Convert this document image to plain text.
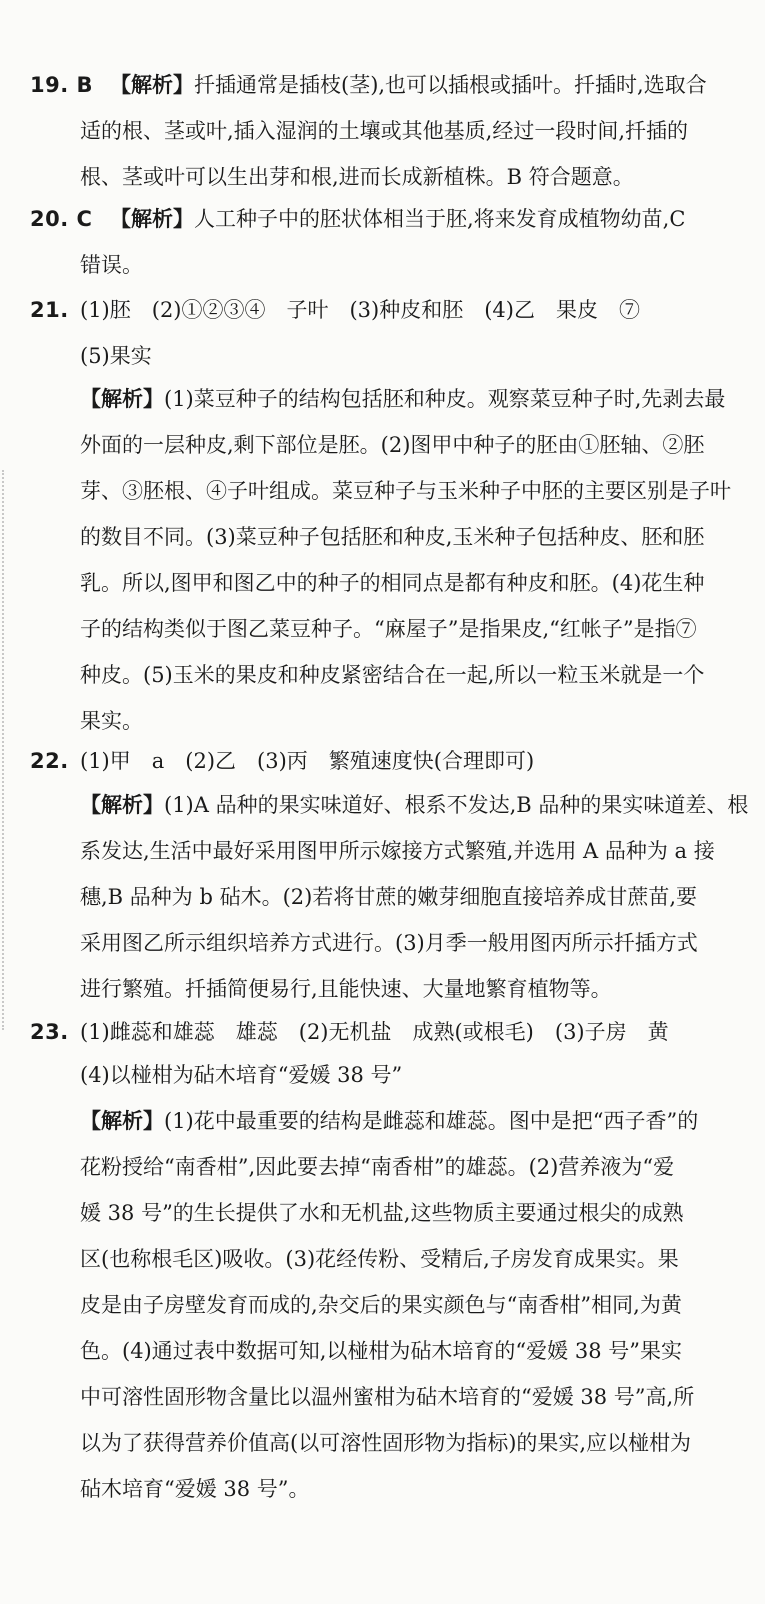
19. B 【解析】扦插通常是插枝(茎),也可以插根或插叶。扦插时,选取合
适的根、茎或叶,插入湿润的土壤或其他基质,经过一段时间,扦插的
根、茎或叶可以生出芽和根,进而长成新植株。B 符合题意。
20. C 【解析】人工种子中的胚状体相当于胚,将来发育成植物幼苗,C
错误。
21. (1)胚　(2)①②③④　子叶　(3)种皮和胚　(4)乙　果皮　⑦
(5)果实
【解析】(1)菜豆种子的结构包括胚和种皮。观察菜豆种子时,先剥去最
外面的一层种皮,剩下部位是胚。(2)图甲中种子的胚由①胚轴、②胚
芽、③胚根、④子叶组成。菜豆种子与玉米种子中胚的主要区别是子叶
的数目不同。(3)菜豆种子包括胚和种皮,玉米种子包括种皮、胚和胚
乳。所以,图甲和图乙中的种子的相同点是都有种皮和胚。(4)花生种
子的结构类似于图乙菜豆种子。“麻屋子”是指果皮,“红帐子”是指⑦
种皮。(5)玉米的果皮和种皮紧密结合在一起,所以一粒玉米就是一个
果实。
22. (1)甲　a　(2)乙　(3)丙　繁殖速度快(合理即可)
【解析】(1)A 品种的果实味道好、根系不发达,B 品种的果实味道差、根
系发达,生活中最好采用图甲所示嫁接方式繁殖,并选用 A 品种为 a 接
穗,B 品种为 b 砧木。(2)若将甘蔗的嫩芽细胞直接培养成甘蔗苗,要
采用图乙所示组织培养方式进行。(3)月季一般用图丙所示扦插方式
进行繁殖。扦插简便易行,且能快速、大量地繁育植物等。
23. (1)雌蕊和雄蕊　雄蕊　(2)无机盐　成熟(或根毛)　(3)子房　黄
(4)以椪柑为砧木培育“爱媛 38 号”
【解析】(1)花中最重要的结构是雌蕊和雄蕊。图中是把“西子香”的
花粉授给“南香柑”,因此要去掉“南香柑”的雄蕊。(2)营养液为“爱
媛 38 号”的生长提供了水和无机盐,这些物质主要通过根尖的成熟
区(也称根毛区)吸收。(3)花经传粉、受精后,子房发育成果实。果
皮是由子房壁发育而成的,杂交后的果实颜色与“南香柑”相同,为黄
色。(4)通过表中数据可知,以椪柑为砧木培育的“爱媛 38 号”果实
中可溶性固形物含量比以温州蜜柑为砧木培育的“爱媛 38 号”高,所
以为了获得营养价值高(以可溶性固形物为指标)的果实,应以椪柑为
砧木培育“爱媛 38 号”。
